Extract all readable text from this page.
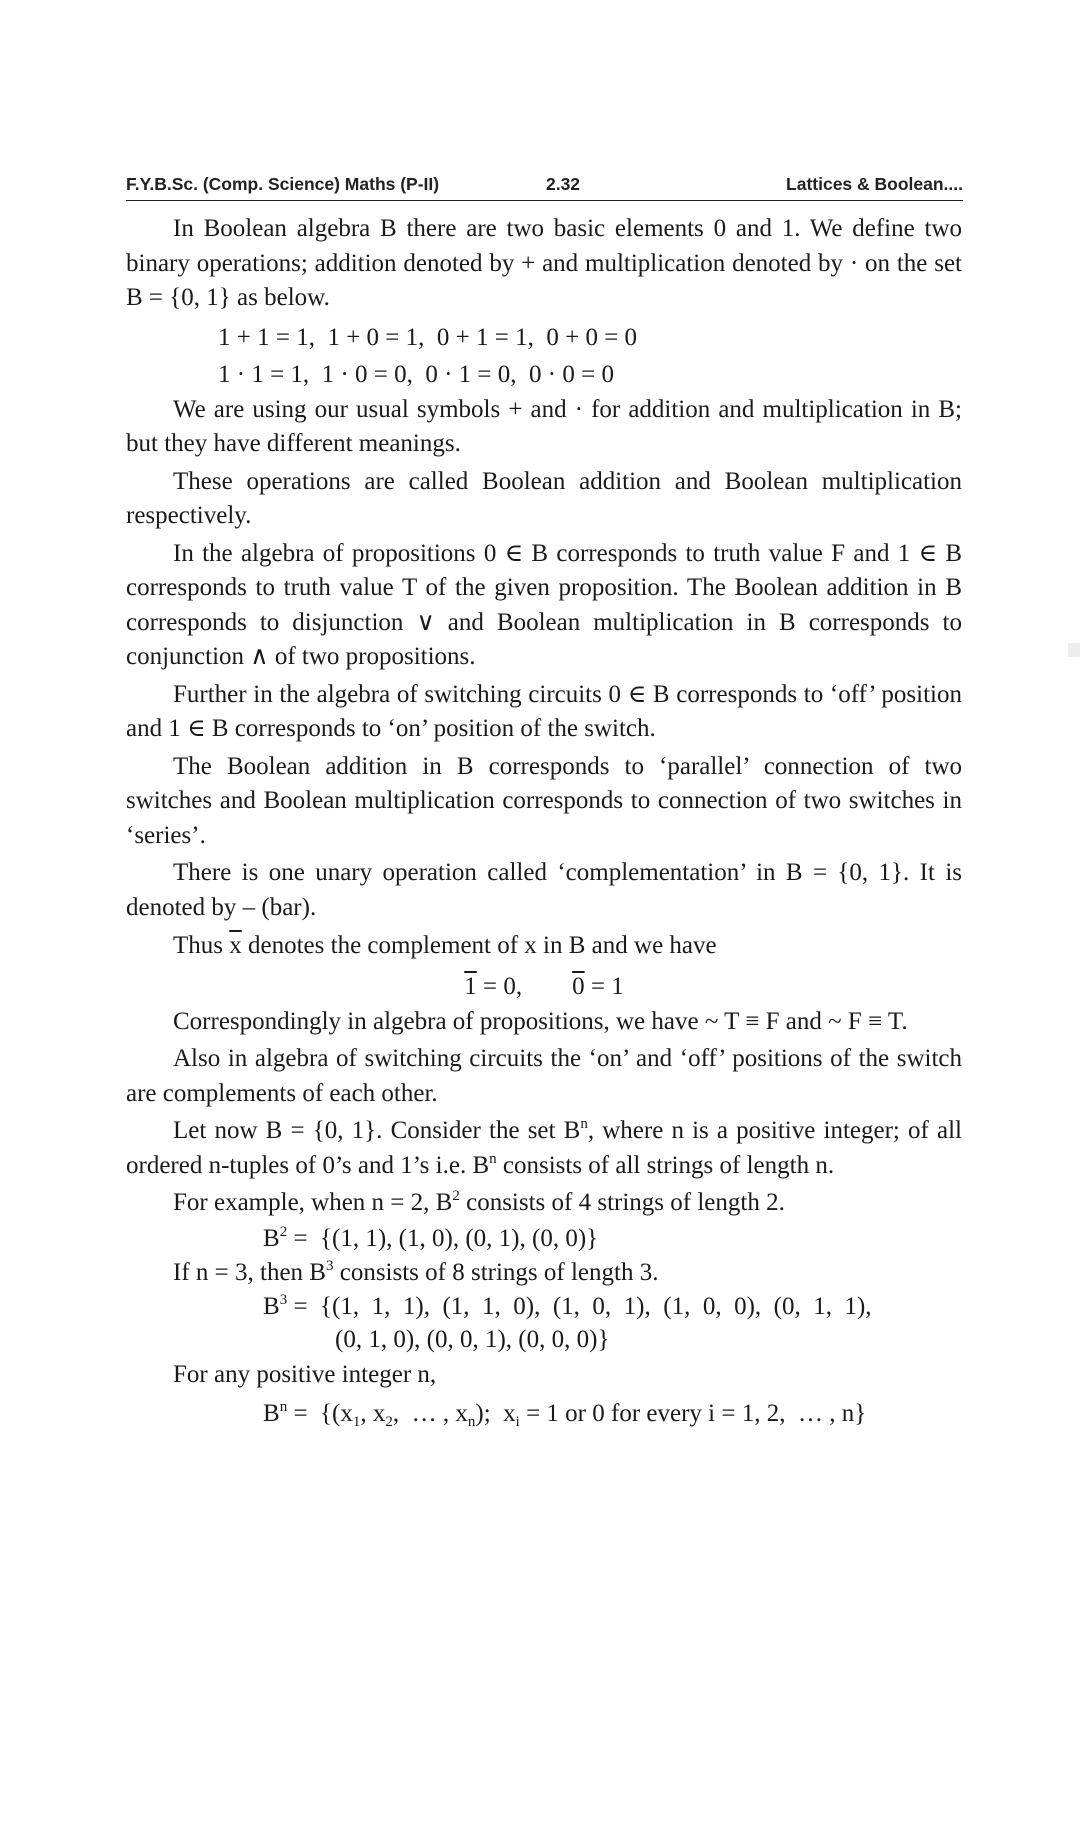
F.Y.B.Sc. (Comp. Science) Maths (P-II)	2.32	Lattices & Boolean....

In Boolean algebra B there are two basic elements 0 and 1. We define two binary operations; addition denoted by + and multiplication denoted by · on the set B = {0, 1} as below.

1 + 1 = 1,  1 + 0 = 1,  0 + 1 = 1,  0 + 0 = 0

1 · 1 = 1,  1 · 0 = 0,  0 · 1 = 0,  0 · 0 = 0

We are using our usual symbols + and · for addition and multiplication in B; but they have different meanings.

These operations are called Boolean addition and Boolean multiplication respectively.

In the algebra of propositions 0 ∈ B corresponds to truth value F and 1 ∈ B corresponds to truth value T of the given proposition. The Boolean addition in B corresponds to disjunction ∨ and Boolean multiplication in B corresponds to conjunction ∧ of two propositions.

Further in the algebra of switching circuits 0 ∈ B corresponds to ‘off’ position and 1 ∈ B corresponds to ‘on’ position of the switch.

The Boolean addition in B corresponds to ‘parallel’ connection of two switches and Boolean multiplication corresponds to connection of two switches in ‘series’.

There is one unary operation called ‘complementation’ in B = {0, 1}. It is denoted by – (bar).

Thus $\overline{x}$ denotes the complement of x in B and we have

1 = 0, 0 = 1

Correspondingly in algebra of propositions, we have ~ T ≡ F and ~ F ≡ T.

Also in algebra of switching circuits the ‘on’ and ‘off’ positions of the switch are complements of each other.

Let now B = {0, 1}. Consider the set $B^n$, where n is a positive integer; of all ordered n-tuples of 0’s and 1’s i.e. $B^n$ consists of all strings of length n.

For example, when n = 2, $B^2$ consists of 4 strings of length 2.

$B^2 = \{(1$, 1), (1, 0), (0, 1), (0, 0)}

If n = 3, then $B^3$ consists of 8 strings of length 3.

$B^3 = \{(1$,  1,  1),  (1,  1,  0),  (1,  0,  1),  (1,  0,  0),  (0,  1,  1),
(0, 1, 0), (0, 0, 1), (0, 0, 0)}

For any positive integer n,

$B^n = \{(x_1$, $x_2$,  … , $x_n$);  $x_i = 1$ or 0 for every i = 1, 2,  … , n}
